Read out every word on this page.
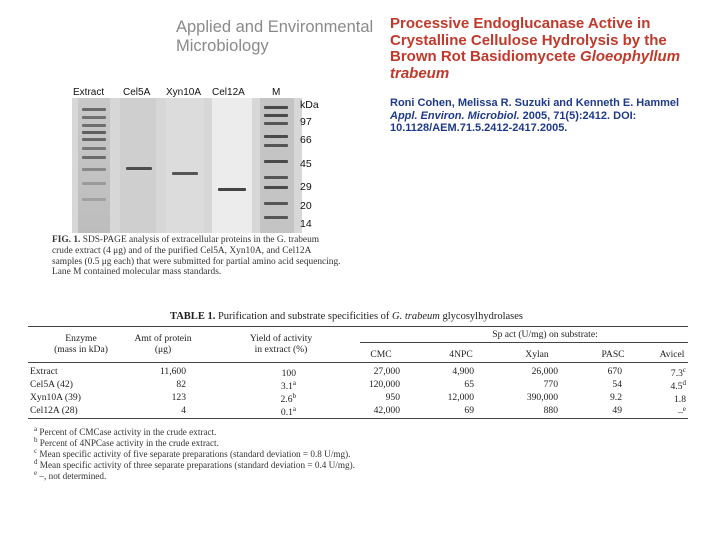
Applied and Environmental
Microbiology
Processive Endoglucanase Active in Crystalline Cellulose Hydrolysis by the Brown Rot Basidiomycete Gloeophyllum trabeum
Roni Cohen, Melissa R. Suzuki and Kenneth E. Hammel
Appl. Environ. Microbiol. 2005, 71(5):2412. DOI: 10.1128/AEM.71.5.2412-2417.2005.
Extract Cel5A Xyn10A Cel12A	M
kDa
97
66
45
29
20
14
FIG. 1. SDS-PAGE analysis of extracellular proteins in the G. trabeum crude extract (4 μg) and of the purified Cel5A, Xyn10A, and Cel12A samples (0.5 μg each) that were submitted for partial amino acid sequencing. Lane M contained molecular mass standards.
TABLE 1. Purification and substrate specificities of G. trabeum glycosylhydrolases
Enzyme
(mass in kDa)
Amt of protein
(μg)
Yield of activity
in extract (%)
Sp act (U/mg) on substrate:
CMC	4NPC	Xylan	PASC	Avicel
Extract	11,600	100	27,000	4,900	26,000	670	7.3$^c$
Cel5A (42)	82	3.1$^a$	120,000	65	770	54	4.5$^d$
Xyn10A (39)	123	2.6$^b$	950	12,000	390,000	9.2	1.8
Cel12A (28)	4	0.1$^a$	42,000	69	880	49	–$^e$
$^a$ Percent of CMCase activity in the crude extract.
$^b$ Percent of 4NPCase activity in the crude extract.
$^c$ Mean specific activity of five separate preparations (standard deviation = 0.8 U/mg).
$^d$ Mean specific activity of three separate preparations (standard deviation = 0.4 U/mg).
$^e$ –, not determined.
